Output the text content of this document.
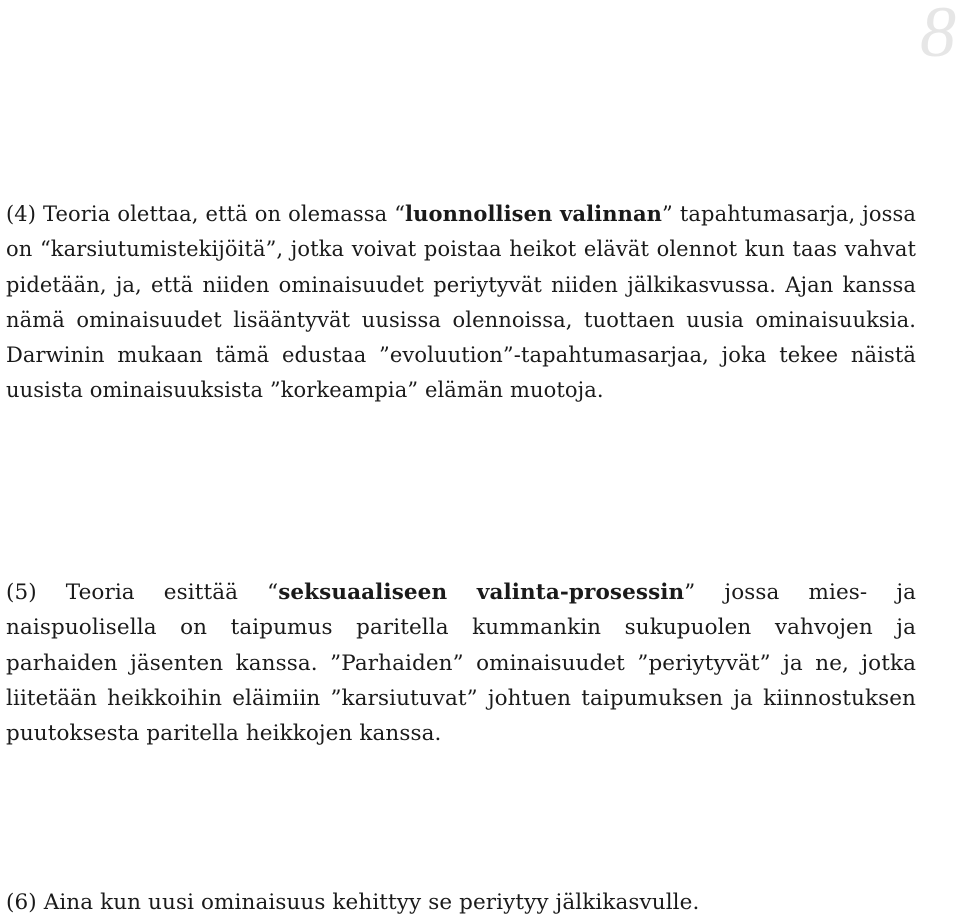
8

(4) Teoria olettaa, että on olemassa “luonnollisen valinnan” tapahtumasarja, jossa on “karsiutumistekijöitä”, jotka voivat poistaa heikot elävät olennot kun taas vahvat pidetään, ja, että niiden ominaisuudet periytyvät niiden jälkikasvussa. Ajan kanssa nämä ominaisuudet lisääntyvät uusissa olennoissa, tuottaen uusia ominaisuuksia. Darwinin mukaan tämä edustaa ”evoluution”-tapahtumasarjaa, joka tekee näistä uusista ominaisuuksista ”korkeampia” elämän muotoja.

(5) Teoria esittää “seksuaaliseen valinta-prosessin” jossa mies- ja naispuolisella on taipumus paritella kummankin sukupuolen vahvojen ja parhaiden jäsenten kanssa. ”Parhaiden” ominaisuudet ”periytyvät” ja ne, jotka liitetään heikkoihin eläimiin ”karsiutuvat” johtuen taipumuksen ja kiinnostuksen puutoksesta paritella heikkojen kanssa.

(6) Aina kun uusi ominaisuus kehittyy se periytyy jälkikasvulle.
